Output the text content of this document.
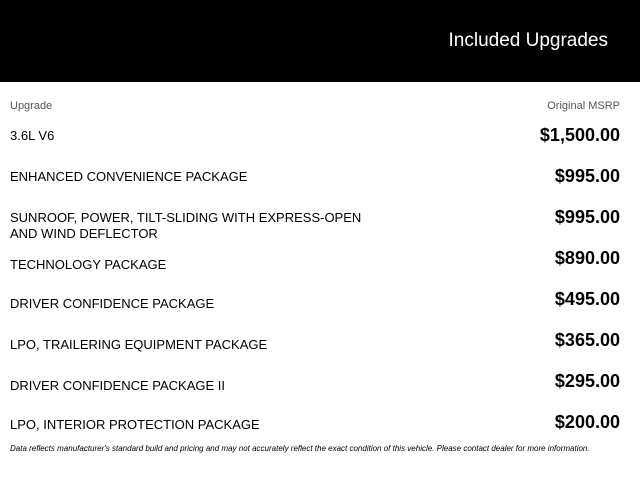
Included Upgrades
Upgrade	Original MSRP
3.6L V6	$1,500.00
ENHANCED CONVENIENCE PACKAGE	$995.00
SUNROOF, POWER, TILT-SLIDING WITH EXPRESS-OPEN AND WIND DEFLECTOR
$995.00
TECHNOLOGY PACKAGE	$890.00
DRIVER CONFIDENCE PACKAGE	$495.00
LPO, TRAILERING EQUIPMENT PACKAGE	$365.00
DRIVER CONFIDENCE PACKAGE II	$295.00
LPO, INTERIOR PROTECTION PACKAGE	$200.00
Data reflects manufacturer's standard build and pricing and may not accurately reflect the exact condition of this vehicle. Please contact dealer for more information.
